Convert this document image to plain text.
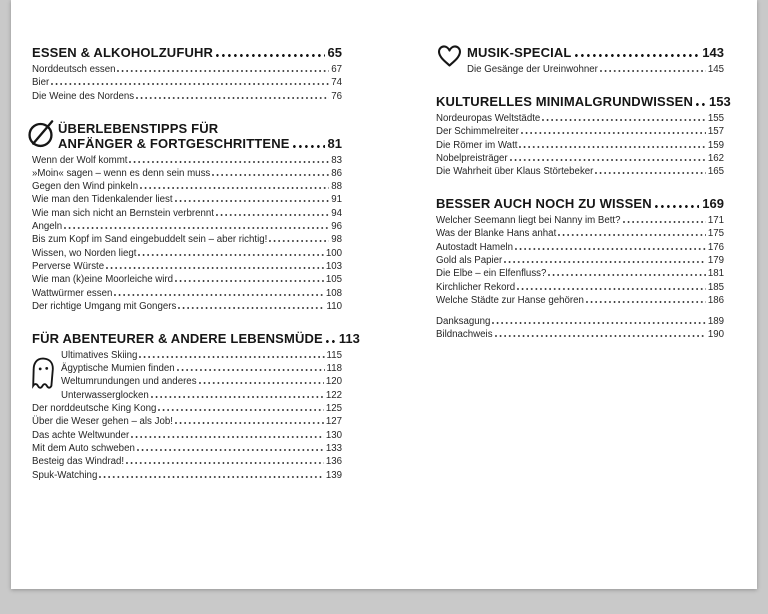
ESSEN & ALKOHOLZUFUHR	65
Norddeutsch essen	67
Bier	74
Die Weine des Nordens	76
ÜBERLEBENSTIPPS FÜR
ANFÄNGER & FORTGESCHRITTENE	81
Wenn der Wolf kommt	83
»Moin« sagen – wenn es denn sein muss	86
Gegen den Wind pinkeln	88
Wie man den Tidenkalender liest	91
Wie man sich nicht an Bernstein verbrennt	94
Angeln	96
Bis zum Kopf im Sand eingebuddelt sein – aber richtig!	98
Wissen, wo Norden liegt	100
Perverse Würste	103
Wie man (k)eine Moorleiche wird	105
Wattwürmer essen	108
Der richtige Umgang mit Gongers	110
FÜR ABENTEURER & ANDERE LEBENSMÜDE 113
Ultimatives Skiing	115
Ägyptische Mumien finden	118
Weltumrundungen und anderes	120
Unterwasserglocken	122
Der norddeutsche King Kong	125
Über die Weser gehen – als Job!	127
Das achte Weltwunder	130
Mit dem Auto schweben	133
Besteig das Windrad!	136
Spuk-Watching	139
MUSIK-SPECIAL	143
Die Gesänge der Ureinwohner	145
KULTURELLES MINIMALGRUNDWISSEN 153
Nordeuropas Weltstädte	155
Der Schimmelreiter	157
Die Römer im Watt	159
Nobelpreisträger	162
Die Wahrheit über Klaus Störtebeker	165
BESSER AUCH NOCH ZU WISSEN	169
Welcher Seemann liegt bei Nanny im Bett?	171
Was der Blanke Hans anhat	175
Autostadt Hameln	176
Gold als Papier	179
Die Elbe – ein Elfenfluss?	181
Kirchlicher Rekord	185
Welche Städte zur Hanse gehören	186
Danksagung	189
Bildnachweis	190
